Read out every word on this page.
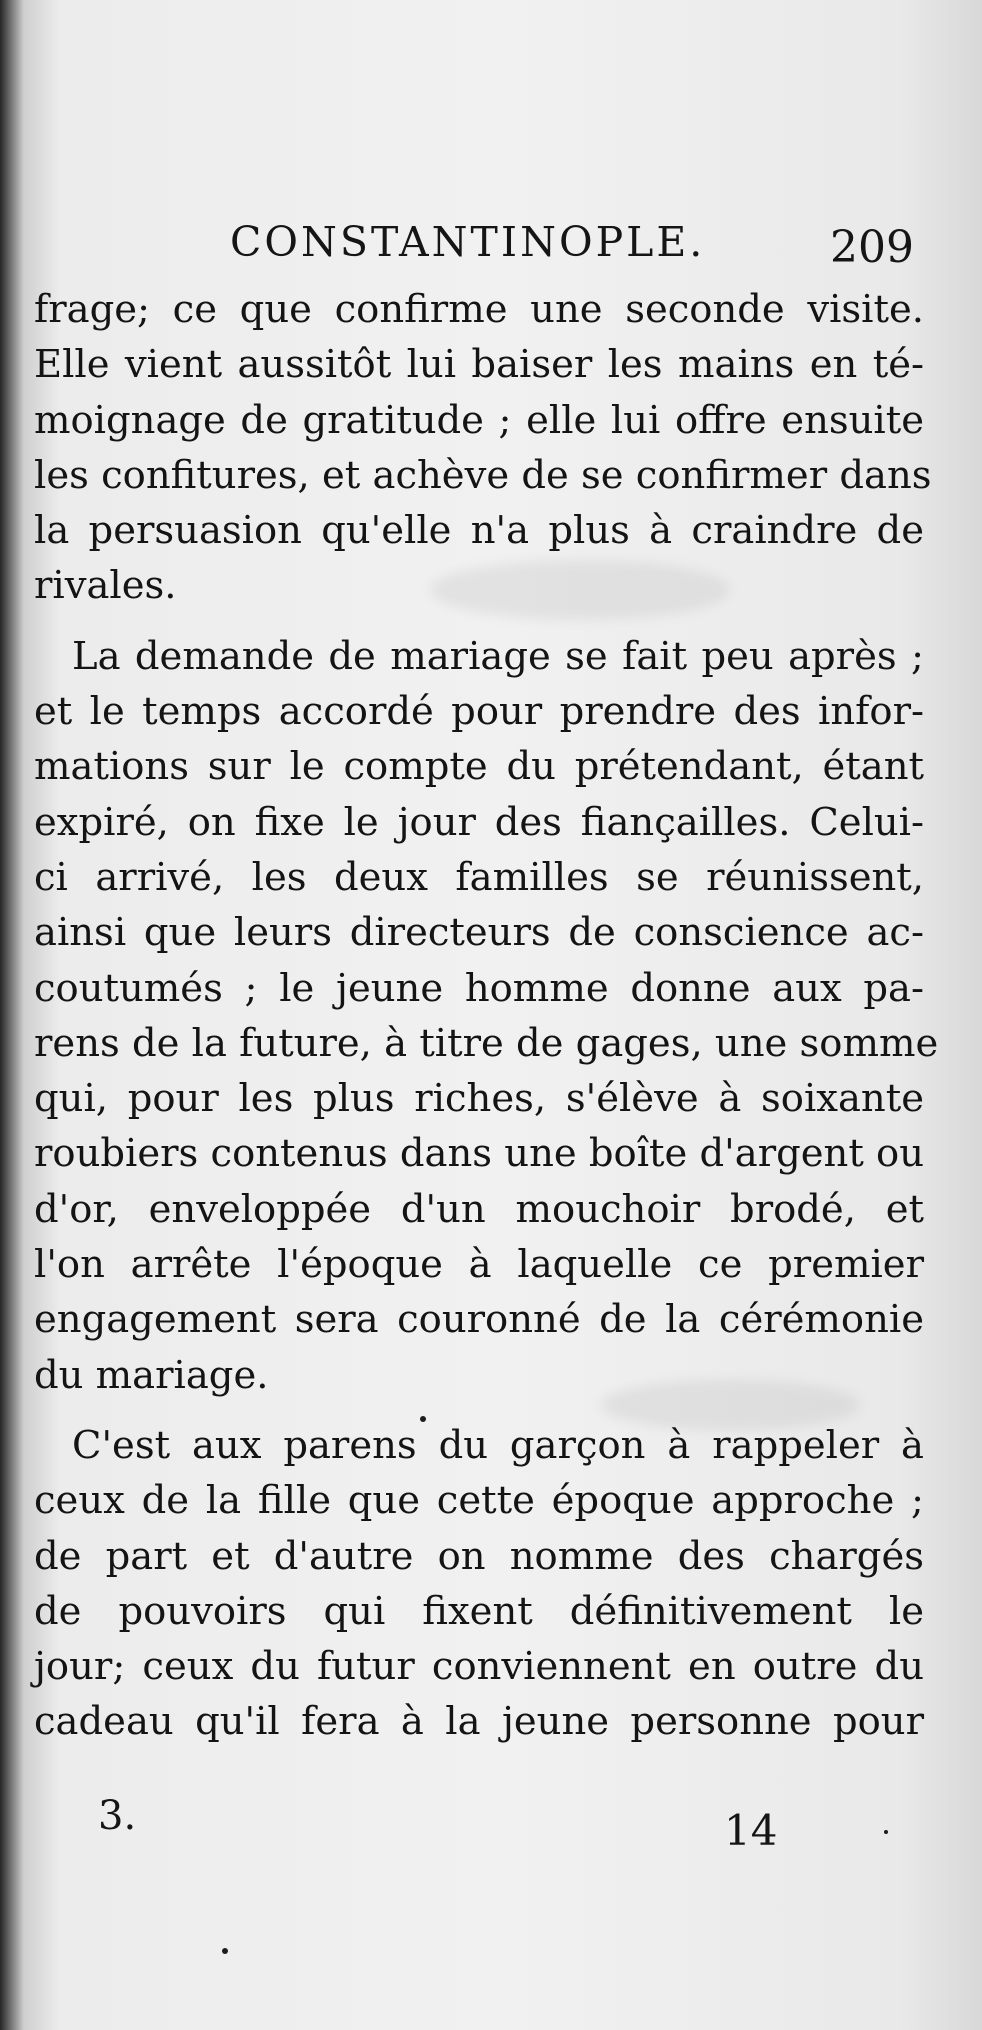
CONSTANTINOPLE.	209
frage; ce que confirme une seconde visite.
Elle vient aussitôt lui baiser les mains en té-
moignage de gratitude ; elle lui offre ensuite
les confitures, et achève de se confirmer dans
la persuasion qu'elle n'a plus à craindre de
rivales.
La demande de mariage se fait peu après ;
et le temps accordé pour prendre des infor-
mations sur le compte du prétendant, étant
expiré, on fixe le jour des fiançailles. Celui-
ci arrivé, les deux familles se réunissent,
ainsi que leurs directeurs de conscience ac-
coutumés ; le jeune homme donne aux pa-
rens de la future, à titre de gages, une somme
qui, pour les plus riches, s'élève à soixante
roubiers contenus dans une boîte d'argent ou
d'or, enveloppée d'un mouchoir brodé, et
l'on arrête l'époque à laquelle ce premier
engagement sera couronné de la cérémonie
du mariage.
C'est aux parens du garçon à rappeler à
ceux de la fille que cette époque approche ;
de part et d'autre on nomme des chargés
de pouvoirs qui fixent définitivement le
jour; ceux du futur conviennent en outre du
cadeau qu'il fera à la jeune personne pour
3.	14
